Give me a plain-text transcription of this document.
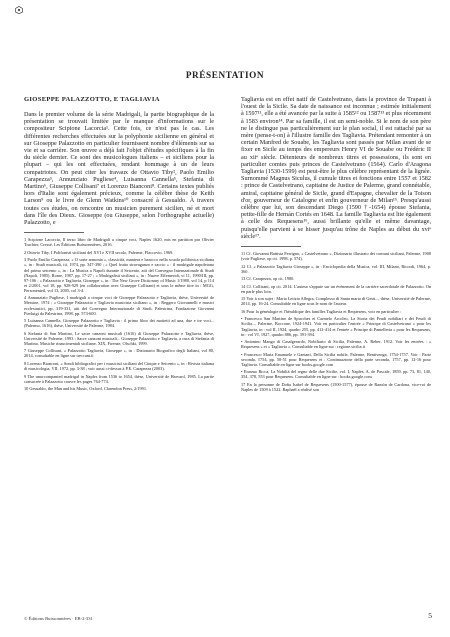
PRÉSENTATION
GIOSEPPE PALAZZOTTO, E TAGLIAVIA

Dans le premier volume de la série Madrigali, la partie biographique de la présentation se trouvait limitée par le manque d'informations sur le compositeur Scipione Lacorcia¹. Cette fois, ce n'est pas le cas. Les différentes recherches effectuées sur la polyphonie sicilienne en général et sur Gioseppe Palazzotto en particulier fournissent nombre d'éléments sur sa vie et sa carrière. Son œuvre a déjà fait l'objet d'études spécifiques à la fin du siècle dernier. Ce sont des musicologues italiens – et siciliens pour la plupart – qui les ont effectuées, rendant hommage à un de leurs compatriotes. On peut citer les travaux de Ottavio Tiby², Paolo Emilio Carapezza³, Annunziato Pugliese⁴, Luisanna Cannella⁵, Stefania di Martino⁶, Giuseppe Collisani⁷ et Lorenzo Bianconi⁸. Certains textes publiés hors d'Italie sont également précieux, comme la célèbre thèse de Keith Larson⁹ ou le livre de Glenn Watkins¹⁰ consacré à Gesualdo. À travers toutes ces études, on rencontre un musicien purement sicilien, né et mort dans l'île des Dieux. Gioseppe (ou Giuseppe, selon l'orthographe actuelle) Palazzotto, e

1 Scipione Lacorcia, Il terzo libro de Madrigali a cinque voci, Naples 1620, mis en partition par Olivier Trachier, Cressé, Les Éditions Buissonnières, 2016.
2 Ottavio Tiby, I Polifonisti siciliani del XVI e XVII secolo, Palerme, Flaccovio, 1969.
3 Paolo Emilio Carapezza, « O sorte armonia », classicità, maniera e barocco nella scuola polifonica siciliana », in : Studi musicali, iii, 1974, pp. 347-390 ; « Quel frutto stravaganzo e saccio » : il madrigale napoletano del primo seicento », in : La Musica a Napoli durante il Seicento, atti del Convegno Internazionale di Studi (Napoli, 1985), Rome, 1987, pp. 17-27 ; « Madrigalisti siciliani », in : Nuove Effemeridi, vi 11, 1990/III, pp. 97-106 ; « Palazzotto e Tagliavia, Gioseppe », in : The New Grove Dictionary of Music 1/1980, vol 14, p 114 et 2/2001, vol 18, pp. 928-929 (en collaboration avec Giuseppe Collisani) et sous le même titre in : MGG, Personenteil, vol 13, 2005, col 3-4.
4 Annunziato Pugliese, I madrigali a cinque voci de Gioseppe Palazzotto e Tagliavia, thèse, Université de Messine, 1974 ; « Gioseppe Palazzotto e Tagliavia musicista siciliano », in : Reggero Giovannelli e musici ecclesiastici, pp. 319-331, atti del Convegno Internazionale di Studi, Palestrina, Fondazione Giovanni Pierluigi da Palestrina, 1998, pp. 573-600.
5 Luisanna Cannella, Gioseppe Palazzotto e Tagliavia : il primo libro dei mottetti ad una, due e tre voci... (Palermo, 1616), thèse, Université de Palerme, 1984.
6 Stefania di San Martino, Le sacre canzoni musicali (1616) di Gioseppe Palazzotto e Tagliavia, thèse, Université de Palerme, 1993 ; Sacre canzoni musicali... Gioseppe Palazzotto e Tagliavia, a cura di Stefania di Martino, Musiche rinascimentali siciliane, XIX, Firenze, Olschki, 1999.
7 Giuseppe Collisani, « Palazzotto Tagliavia, Gioseppe », in : Dizionario Biografico degli Italiani, vol 80, 2014, consultable en ligne sur treccani.it
8 Lorenzo Bianconi, « Sondi bibliografici per i musicisti siciliani del Cinque e Seicento », in : Rivista italiana di musicologia, VII, 1972, pp. 3-38 ; voir aussi ci-dessus à P.E. Carapezza (2003).
9 The unaccompanied madrigal in Naples from 1536 to 1654, thèse, Université de Harvard, 1985. La partie consacrée à Palazzotto couvre les pages 764-774.
10 Gesualdo, the Man and his Music, Oxford, Clarendon Press, 2/1991.

Tagliavia est en effet natif de Castelvetrano, dans la province de Trapani à l'ouest de la Sicile. Sa date de naissance est inconnue ; estimée initialement à 1597¹¹, elle a été avancée par la suite à 1585¹² ou 1587¹³ et plus récemment à 1583 environ¹⁴. Par sa famille, il est un semi-noble. Si le nom de son père ne le distingue pas particulièrement sur le plan social, il est rattaché par sa mère (pense-t-on) à l'illustre famille des Tagliavia. Prétendant remonter à un certain Manfred de Souabe, les Tagliavia sont passés par Milan avant de se fixer en Sicile au temps des empereurs Henry VI de Souabe ou Frédéric II au xiiᵉ siècle. Détenteurs de nombreux titres et possessions, ils sont en particulier comtes puis princes de Castelvetrano (1564). Carlo d'Aragona Tagliavia (1530-1599) est peut-être le plus célèbre représentant de la lignée. Surnommé Magnus Siculus, il cumule titres et fonctions entre 1557 et 1582 : prince de Castelvetrano, capitaine de Justice de Palerme, grand connétable, amiral, capitaine général de Sicile, grand d'Espagne, chevalier de la Toison d'or, gouverneur de Catalogne et enfin gouverneur de Milan¹⁵. Presqu'aussi célèbre que lui, son descendant Diego (1590 †-1654) épouse Stefania, petite-fille de Hernán Cortés en 1648. La famille Tagliavia est lite également à celle des Requesens¹⁶, aussi brillante qu'elle et même davantage, puisqu'elle parvient à se hisser jusqu'au trône de Naples au début du xviᵉ siècle¹⁷.

11 Cf. Giovanni Battista Ferrigno, « Castelvetrano », Dizionario illustrato dei comuni siciliani, Palerme, 1908 (voir Pugliese, op cit. 1998, p. 574).
12 Cf. « Palazzotto Tagliavia Gioseppe », in : Enciclopedia della Musica, vol. III, Milano, Ricordi, 1964, p. 360.
13 Cf. Carapezza, op cit. 1980.
14 Cf. Collisani, op cit. 2014. L'auteur s'appuie sur un événement de la carrière sacerdotale de Palazzotto. On en parle plus loin.
15 Voir à son sujet : Maria Letizia Allegra, Complesso di Santa maria di Gesù..., thèse, Université de Palerme, 2014, pp. 16-24. Consultable en ligne sous le nom de l'auteur.
16 Pour la généalogie et l'héraldique des familles Tagliavia et Requesens, voir en particulier :
• Francesco San Martino de Spucches et Carmelo Arcoleo, La Storia dei Feudi nobiliari e dei Feudi di Sicilia..., Palerme, Boccone, 1924-1941. Voir en particulier l'entrée « Principe di Castelvetrano » pour les Tagliavia, in : vol II, 1924, quadro 255, pp. 412-414 et l'entrée « Principe di Pantelleria » pour les Requesens, in : vol VI, 1927, quadro 886, pp. 391-394.
• Antonino Mango di Casalgerardo, Nobiliario di Sicilia, Palerme, A. Reber, 1912. Voir les entrées : « Requesens » et « Tagliavia ». Consultable en ligne sur : regione.sicilia.it
• Francesco Maria Emanuele e Gaetani, Della Sicilia nobile, Palerme, Bentivenga, 1754-1757. Voir : Parte seconda, 1754, pp. 50-51 pour Requesens et : Continuazione della parte seconda, 1757, pp. 12-16 pour Tagliavia. Consultable en ligne sur books.google.com
• Erasmo Ricca, La Nobiltà del regno delle due Sicilie, vol. I, Naples, A. de Pascale, 1859, pp. 73, 81, 140, 354, 378, 553 pour Requesens. Consultable en ligne sur : books.google.com
17 En la personne de Doña Isabel de Requesens (1500-1577), épouse de Ramón de Cardona, vice-roi de Naples de 1509 à 1522. Raphaël a réalisé son
© Éditions Buissonnières · EB-2-331	5
